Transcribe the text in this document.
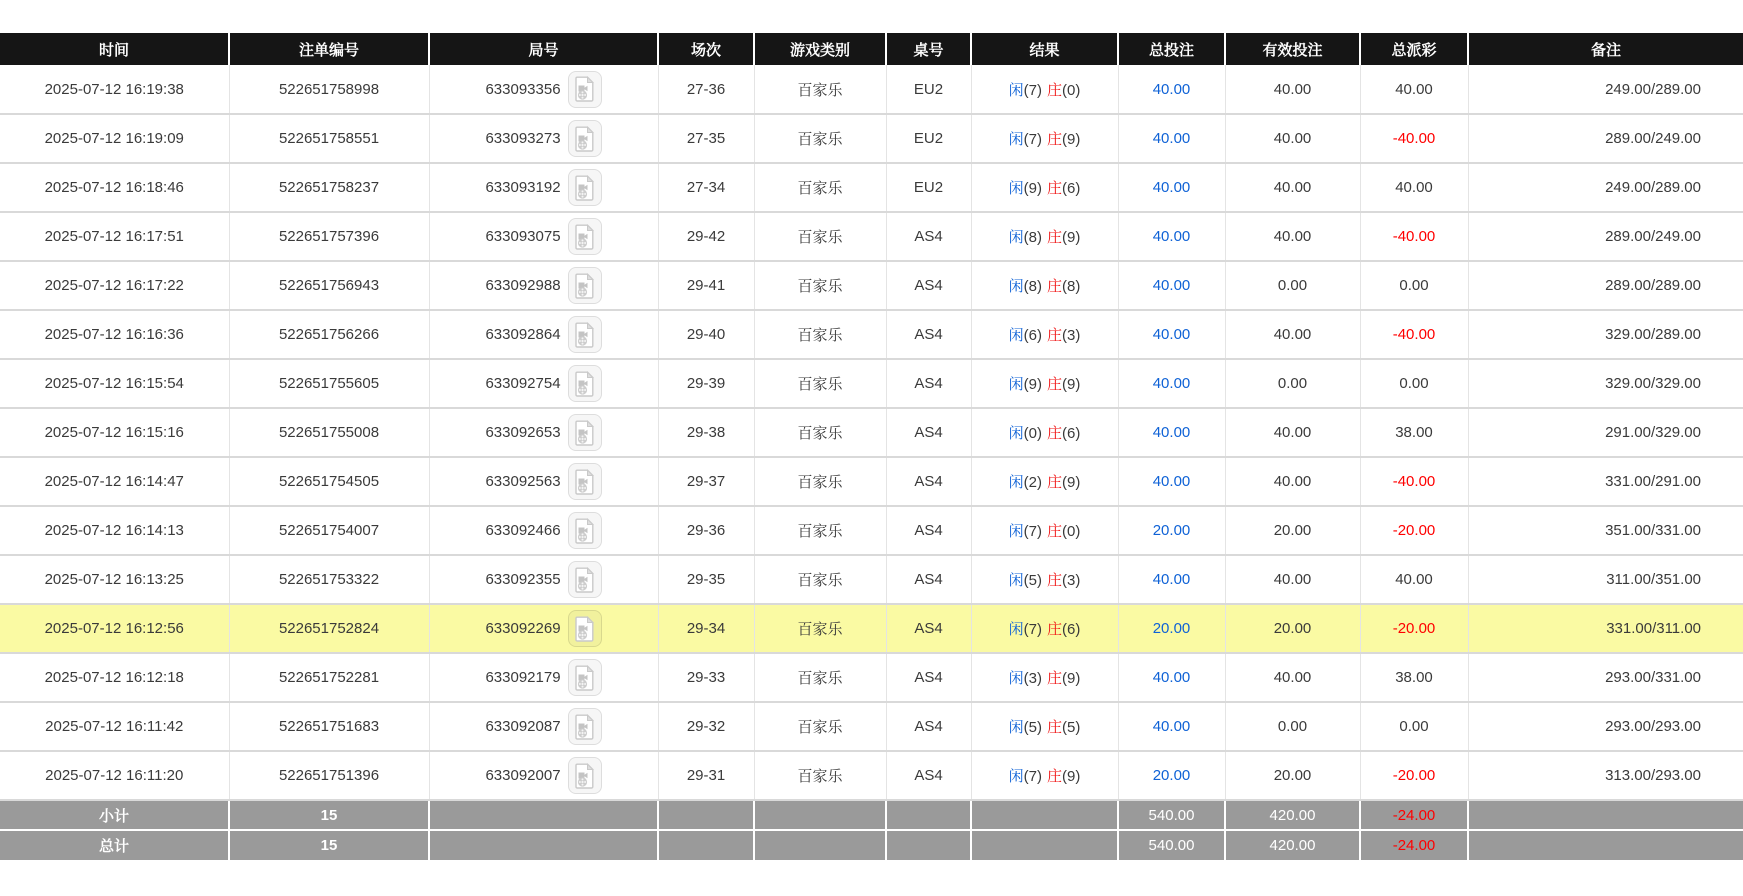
时间	注单编号	局号	场次	游戏类别	桌号	结果	总投注	有效投注	总派彩	备注
2025-07-12 16:19:38	522651758998	633093356	27-36	百家乐	EU2	闲(7) 庄(0)	40.00	40.00	40.00	249.00/289.00
2025-07-12 16:19:09	522651758551	633093273	27-35	百家乐	EU2	闲(7) 庄(9)	40.00	40.00	-40.00	289.00/249.00
2025-07-12 16:18:46	522651758237	633093192	27-34	百家乐	EU2	闲(9) 庄(6)	40.00	40.00	40.00	249.00/289.00
2025-07-12 16:17:51	522651757396	633093075	29-42	百家乐	AS4	闲(8) 庄(9)	40.00	40.00	-40.00	289.00/249.00
2025-07-12 16:17:22	522651756943	633092988	29-41	百家乐	AS4	闲(8) 庄(8)	40.00	0.00	0.00	289.00/289.00
2025-07-12 16:16:36	522651756266	633092864	29-40	百家乐	AS4	闲(6) 庄(3)	40.00	40.00	-40.00	329.00/289.00
2025-07-12 16:15:54	522651755605	633092754	29-39	百家乐	AS4	闲(9) 庄(9)	40.00	0.00	0.00	329.00/329.00
2025-07-12 16:15:16	522651755008	633092653	29-38	百家乐	AS4	闲(0) 庄(6)	40.00	40.00	38.00	291.00/329.00
2025-07-12 16:14:47	522651754505	633092563	29-37	百家乐	AS4	闲(2) 庄(9)	40.00	40.00	-40.00	331.00/291.00
2025-07-12 16:14:13	522651754007	633092466	29-36	百家乐	AS4	闲(7) 庄(0)	20.00	20.00	-20.00	351.00/331.00
2025-07-12 16:13:25	522651753322	633092355	29-35	百家乐	AS4	闲(5) 庄(3)	40.00	40.00	40.00	311.00/351.00
2025-07-12 16:12:56	522651752824	633092269	29-34	百家乐	AS4	闲(7) 庄(6)	20.00	20.00	-20.00	331.00/311.00
2025-07-12 16:12:18	522651752281	633092179	29-33	百家乐	AS4	闲(3) 庄(9)	40.00	40.00	38.00	293.00/331.00
2025-07-12 16:11:42	522651751683	633092087	29-32	百家乐	AS4	闲(5) 庄(5)	40.00	0.00	0.00	293.00/293.00
2025-07-12 16:11:20	522651751396	633092007	29-31	百家乐	AS4	闲(7) 庄(9)	20.00	20.00	-20.00	313.00/293.00
小计	15						540.00	420.00	-24.00	
总计	15						540.00	420.00	-24.00	
